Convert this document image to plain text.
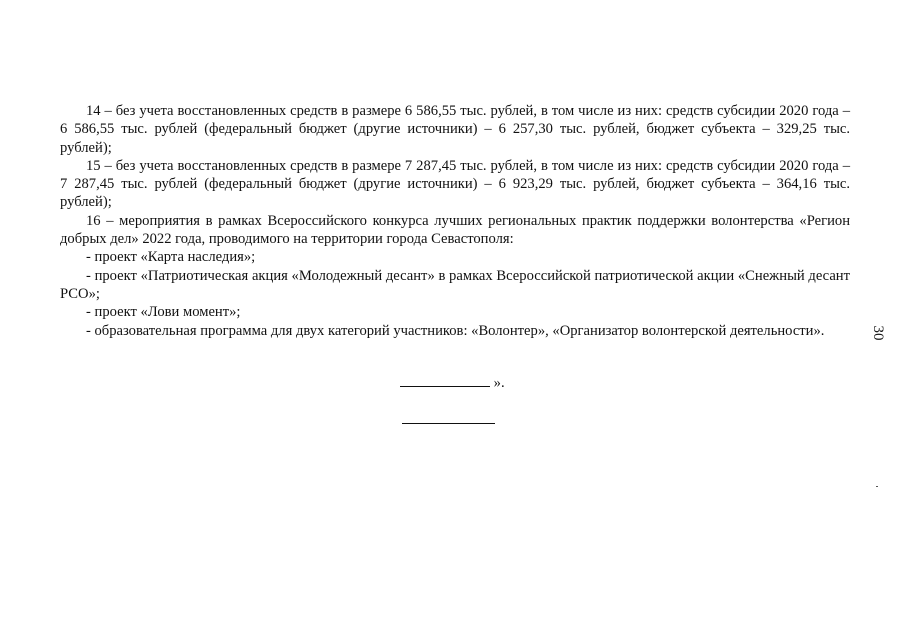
14 – без учета восстановленных средств в размере 6 586,55 тыс. рублей, в том числе из них: средств субсидии 2020 года – 6 586,55 тыс. рублей (федеральный бюджет (другие источники) – 6 257,30 тыс. рублей, бюджет субъекта – 329,25 тыс. рублей);

15 – без учета восстановленных средств в размере 7 287,45 тыс. рублей, в том числе из них: средств субсидии 2020 года – 7 287,45 тыс. рублей (федеральный бюджет (другие источники) – 6 923,29 тыс. рублей, бюджет субъекта – 364,16 тыс. рублей);

16 – мероприятия в рамках Всероссийского конкурса лучших региональных практик поддержки волонтерства «Регион добрых дел» 2022 года, проводимого на территории города Севастополя:

- проект «Карта наследия»;

- проект «Патриотическая акция «Молодежный десант» в рамках Всероссийской патриотической акции «Снежный десант РСО»;

- проект «Лови момент»;

- образовательная программа для двух категорий участников: «Волонтер», «Организатор волонтерской деятельности».

».
30
